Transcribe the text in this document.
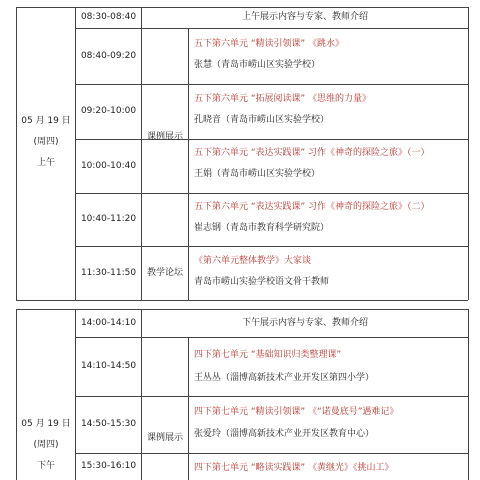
05 月 19 日
(周四)
上午
08:30-08:40
08:40-09:20
09:20-10:00
10:00-10:40
10:40-11:20
11:30-11:50
上午展示内容与专家、教师介绍
课例展示
教学论坛
五下第六单元 “精读引领课” 《跳水》
张慧（青岛市崂山区实验学校）
五下第六单元 “拓展阅读课” 《思维的力量》
孔晓音（青岛市崂山区实验学校）
五下第六单元 “表达实践课” 习作《神奇的探险之旅》（一）
王娟（青岛市崂山区实验学校）
五下第六单元 “表达实践课” 习作《神奇的探险之旅》（二）
崔志钢（青岛市教育科学研究院）
《第六单元整体教学》大家谈
青岛市崂山实验学校语文骨干教师
05 月 19 日
(周四)
下午
14:00-14:10
14:10-14:50
14:50-15:30
15:30-16:10
下午展示内容与专家、教师介绍
课例展示
四下第七单元 “基础知识归类整理课”
王丛丛（淄博高新技术产业开发区第四小学）
四下第七单元 “精读引领课” 《“诺曼底号”遇难记》
张爱玲（淄博高新技术产业开发区教育中心）
四下第七单元 “略读实践课” 《黄继光》《挑山工》
